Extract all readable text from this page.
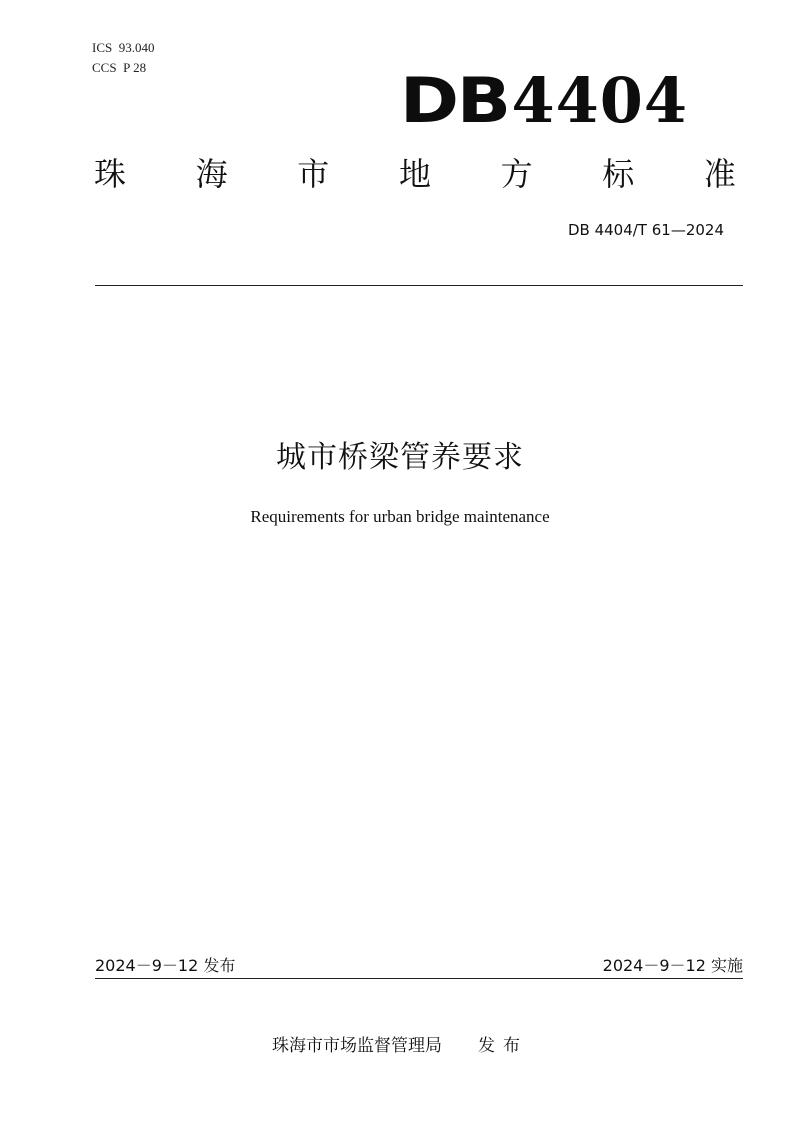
ICS  93.040
CCS  P 28	DB4404
珠 海 市 地 方 标 准
DB 4404/T 61—2024
城市桥梁管养要求
Requirements for urban bridge maintenance
2024－9－12 发布	2024－9－12 实施
珠海市市场监督管理局 发布
